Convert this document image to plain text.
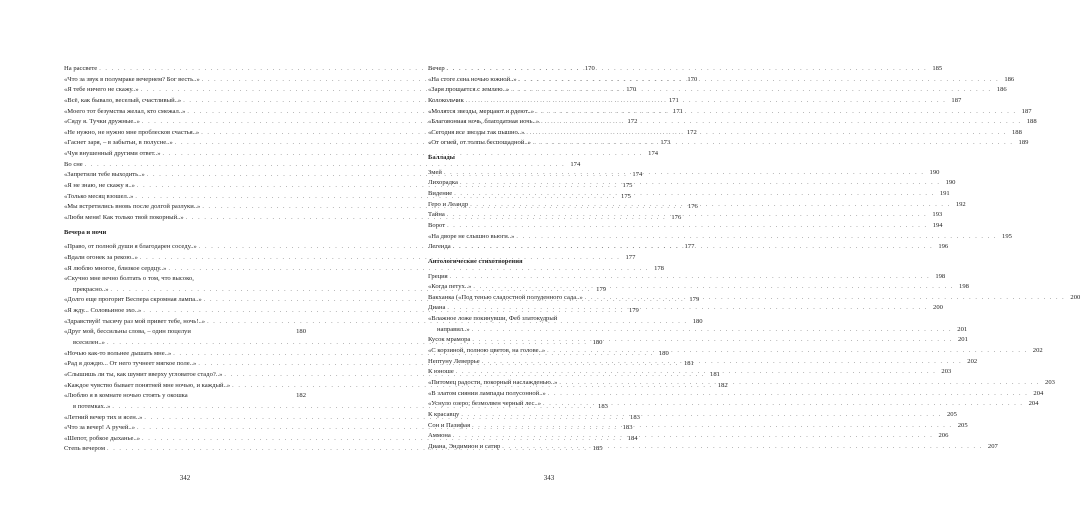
На рассвете . . .	170
«Что за звук в полумраке вечернем? Бог весть..» . . .	170
«Я тебе ничего не скажу..» . . .	170
«Всё, как бывало, веселый, счастливый..» . . .	171
«Моего тот безумства желал, кто смежал..» . . .	171
«Сяду я. Тучки дружные..» . . .	172
«Не нужно, не нужно мне проблесков счастья..» . . .	172
«Гаснет заря, – в забытьи, в полусне..» . . .	173
«Чуя внушенный другими ответ..» . . .	174
Во сне . . .	174
«Запретили тебе выходить..» . . .	174
«Я не знаю, не скажу я..» . . .	175
«Только месяц взошел..» . . .	175
«Мы встретились вновь после долгой разлуки..» . . .	176
«Люби меня! Как только твой покорный..» . . .	176
Вечера и ночи
«Право, от полной души я благодарен соседу..» . . .	177
«Вдали огонек за рекою..» . . .	177
«Я люблю многое, близкое сердцу..» . . .	178
«Скучно мне вечно болтать о том, что высоко,
прекрасно..» . . .	179
«Долго еще прогорит Веспера скромная лампа..» . . .	179
«Я жду... Соловьиное эхо..» . . .	179
«Здравствуй! тысячу раз мой привет тебе, ночь!..» . . .	180
«Друг мой, бессильны слова, – один поцелуи	180
всесилен..» . . .	180
«Ночью как-то вольнее дышать мне..» . . .	180
«Рад я дождю... От него тучнеет мягкое поле..» . . .	181
«Слышишь ли ты, как шумит вверху угловатое стадо?..» . . .	181
«Каждое чувство бывает понятней мне ночью, и каждый..» . . .	182
«Люблю я в комнате ночью стоять у окошка	182
в потемках..» . . .	183
«Летний вечер тих и ясен..» . . .	183
«Что за вечер! А ручей..» . . .	183
«Шепот, робкое дыханье..» . . .	184
Степь вечером . . .	185
342
Вечер . . .	185
«На стоге сена ночью южной..» . . .	186
«Заря прощается с землею..» . . .	186
Колокольчик . . .	187
«Молятся звезды, мерцают и рдеют..» . . .	187
«Благовонная ночь, благодатная ночь..» . . .	188
«Сегодня все звезды так пышно..» . . .	188
«От огней, от толпы беспощадной..» . . .	189
Баллады
Змей . . .	190
Лихорадка . . .	190
Видение . . .	191
Геро и Леандр . . .	192
Тайна . . .	193
Ворот . . .	194
«На дворе не слышно вьюги..» . . .	195
Легенда . . .	196
Антологические стихотворения
Греция . . .	198
«Когда петух..» . . .	198
Вакханка («Под тенью сладостной полуденного сада..» . . .	200
Диана . . .	200
«Влажное ложе покинувши, Феб златокудрый
направил..» . . .	201
Кусок мрамора . . .	201
«С корзиной, полною цветов, на голове..» . . .	202
Нептуну Леверрье . . .	202
К юноше . . .	203
«Питомец радости, покорный наслажденью..» . . .	203
«В златом сиянии лампады полусонной..» . . .	204
«Уснуло озеро; безмолвен черный лес..» . . .	204
К красавцу . . .	205
Сон и Пазифая . . .	205
Аммона . . .	206
Диана, Эндимион и сатир . . .	207
343
